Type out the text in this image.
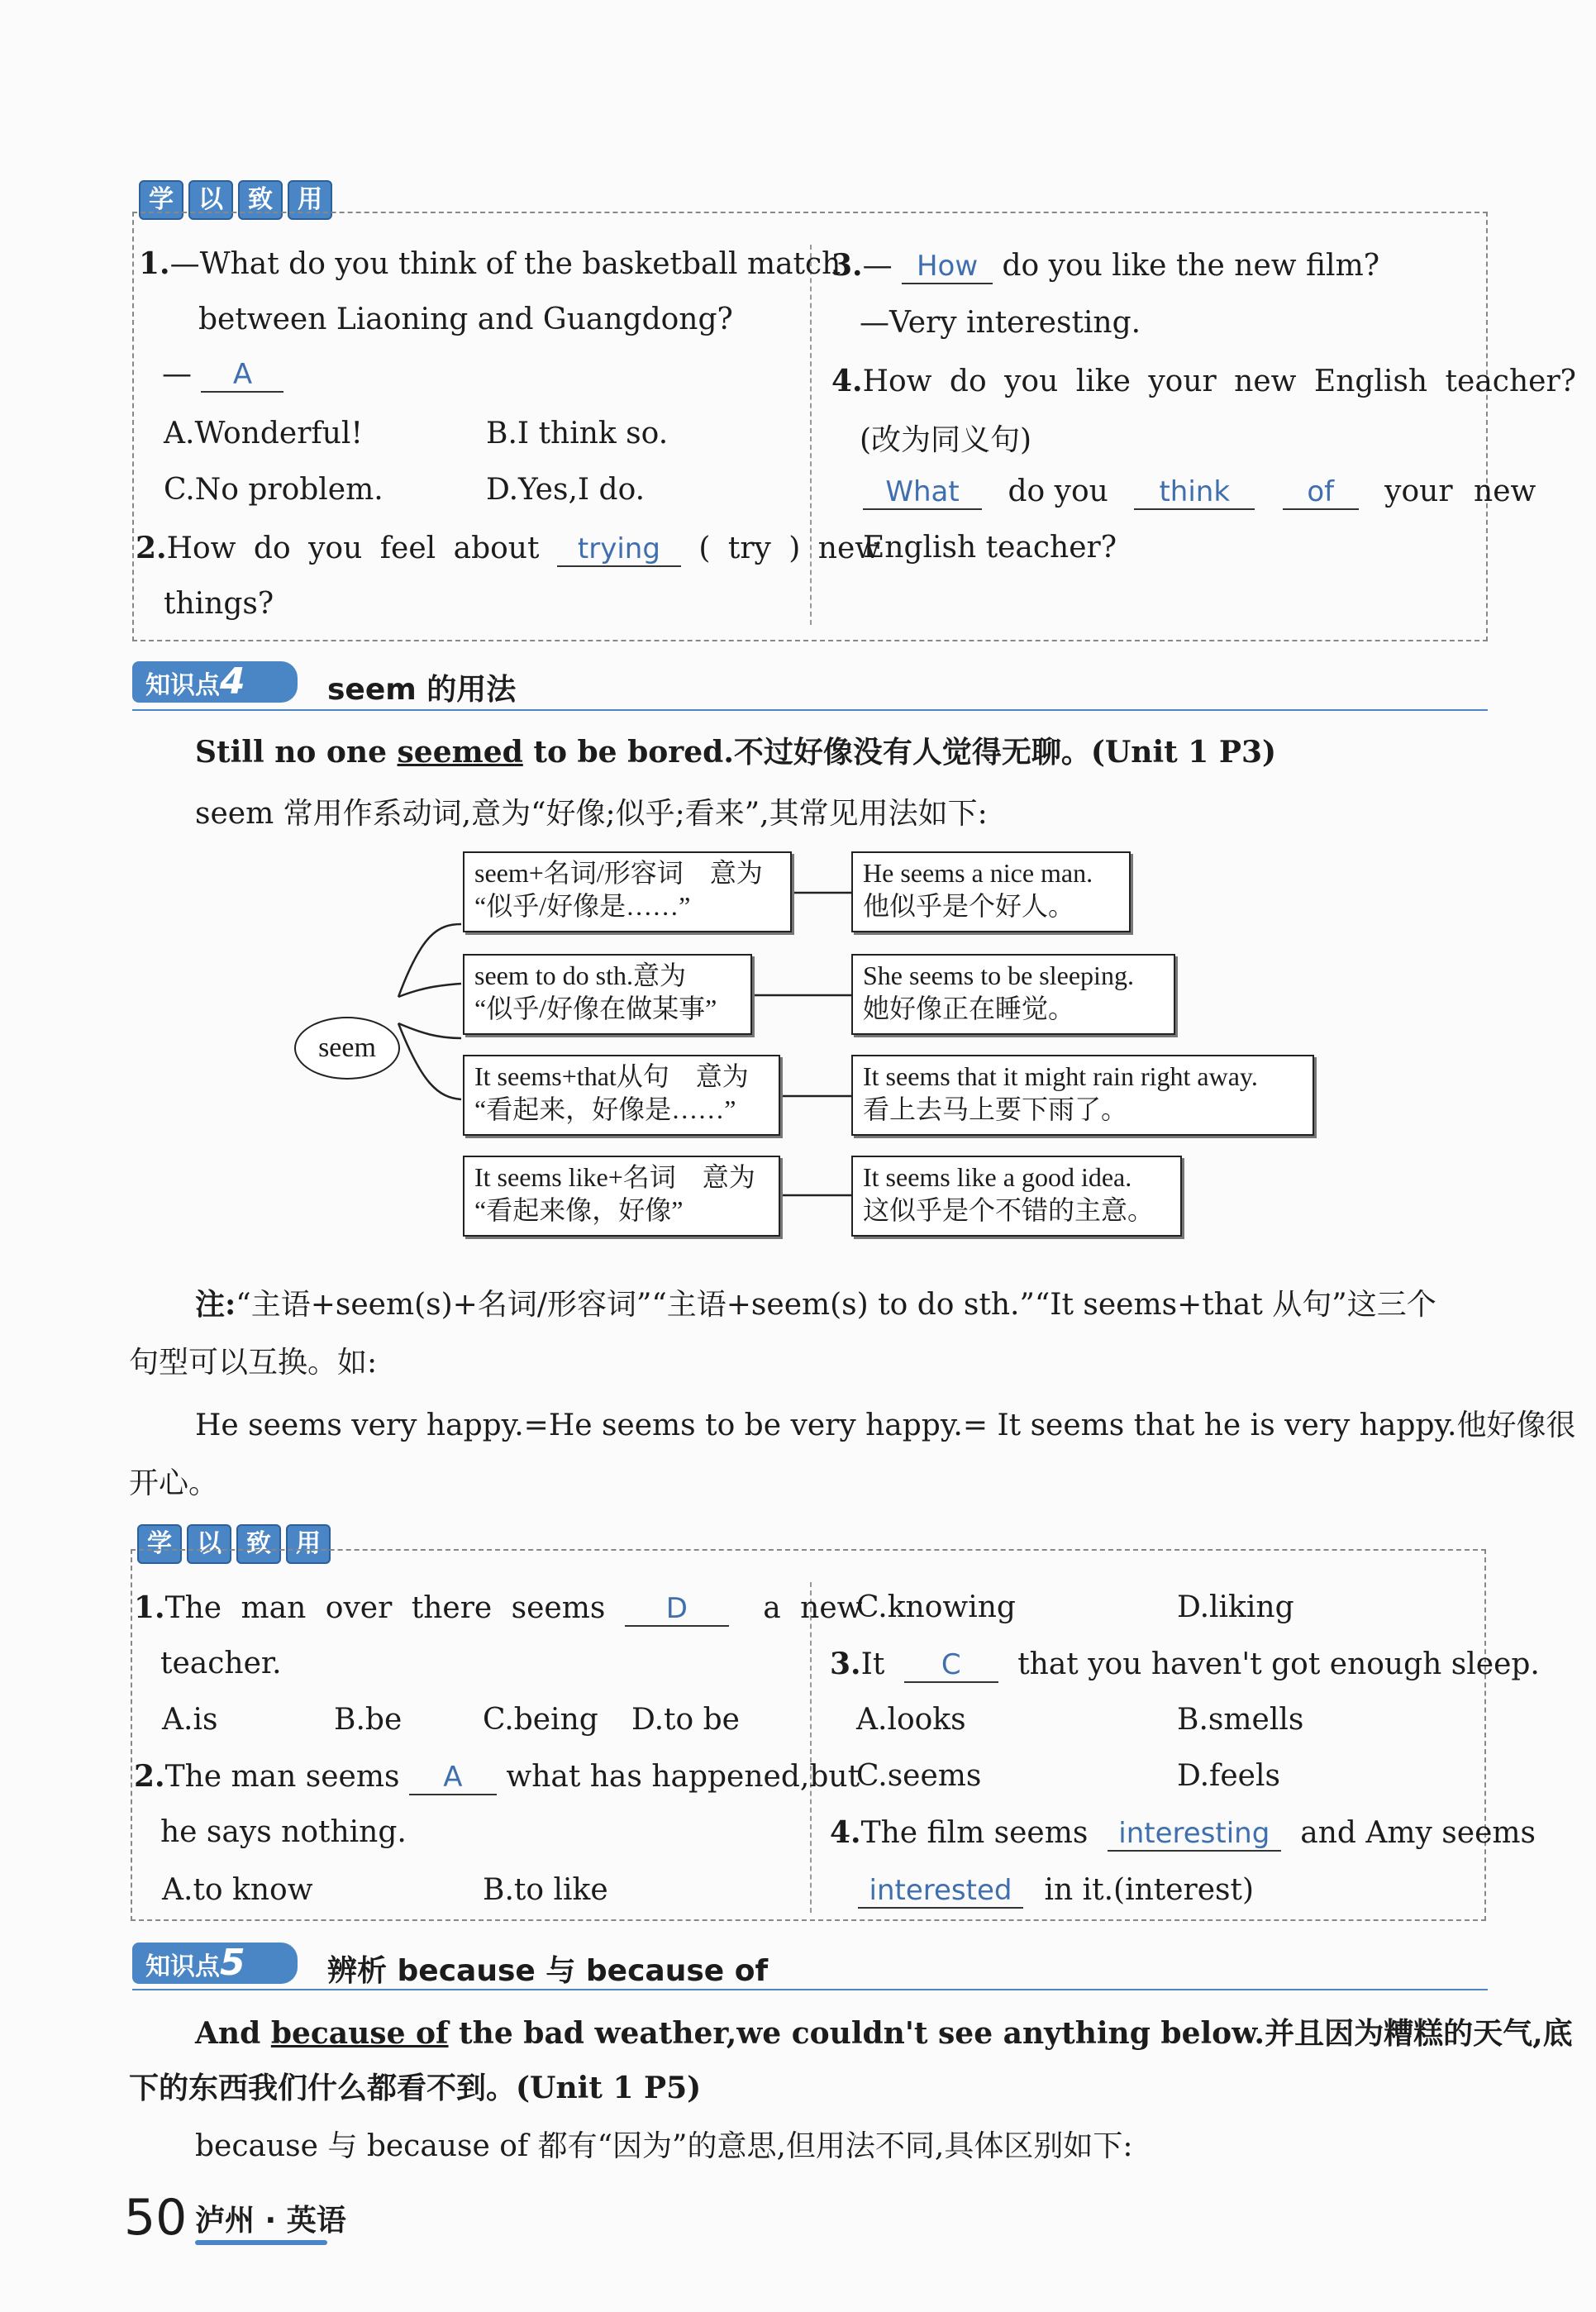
学	以	致	用
1.—What do you think of the basketball match
between Liaoning and Guangdong?
— A
A.Wonderful!	B.I think so.
C.No problem.	D.Yes,I do.
2.How do you feel about trying ( try ) new
things?
3.— How do you like the new film?
—Very interesting.
4.How do you like your new English teacher?
(改为同义句)
What do you think	of your new
English teacher?
知识点4	seem 的用法
Still no one seemed to be bored.不过好像没有人觉得无聊。(Unit 1 P3)
seem 常用作系动词,意为“好像;似乎;看来”,其常见用法如下:
seem
seem+名词/形容词　意为
“似乎/好像是……”
He seems a nice man.
他似乎是个好人。
seem to do sth.意为
“似乎/好像在做某事”
She seems to be sleeping.
她好像正在睡觉。
It seems+that从句　意为
“看起来，好像是……”
It seems that it might rain right away.
看上去马上要下雨了。
It seems like+名词　意为
“看起来像，好像”
It seems like a good idea.
这似乎是个不错的主意。
注:“主语+seem(s)+名词/形容词”“主语+seem(s) to do sth.”“It seems+that 从句”这三个
句型可以互换。如:
He seems very happy.=He seems to be very happy.= It seems that he is very happy.他好像很
开心。
学	以	致	用
1.The man over there seems D	a new
teacher.
A.is	B.be	C.being D.to be
2.The man seems A what has happened,but
he says nothing.
A.to know	B.to like
C.knowing	D.liking
3.It C that you haven't got enough sleep.
A.looks	B.smells
C.seems	D.feels
4.The film seems interesting and Amy seems
interested in it.(interest)
知识点5	辨析 because 与 because of
And because of the bad weather,we couldn't see anything below.并且因为糟糕的天气,底
下的东西我们什么都看不到。(Unit 1 P5)
because 与 because of 都有“因为”的意思,但用法不同,具体区别如下:
50 泸州 · 英语
